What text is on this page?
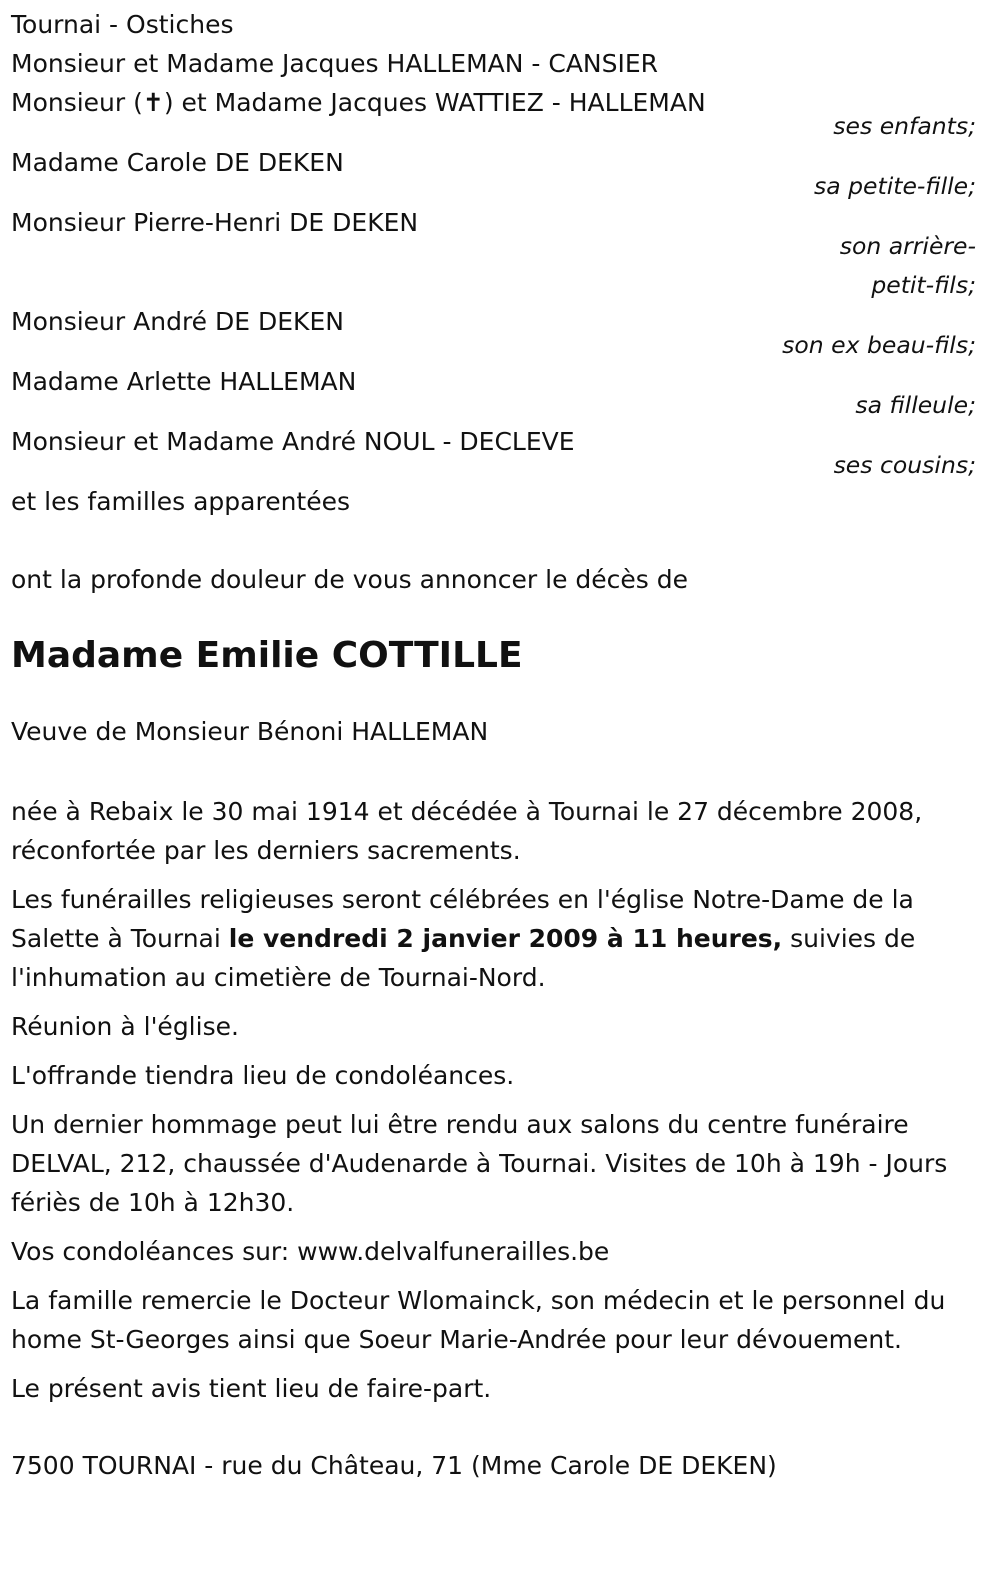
Tournai - Ostiches
Monsieur et Madame Jacques HALLEMAN - CANSIER
Monsieur (✝) et Madame Jacques WATTIEZ - HALLEMAN
ses enfants;
Madame Carole DE DEKEN
sa petite-fille;
Monsieur Pierre-Henri DE DEKEN
son arrière-
petit-fils;
Monsieur André DE DEKEN
son ex beau-fils;
Madame Arlette HALLEMAN
sa filleule;
Monsieur et Madame André NOUL - DECLEVE
ses cousins;
et les familles apparentées
ont la profonde douleur de vous annoncer le décès de
Madame Emilie COTTILLE
Veuve de Monsieur Bénoni HALLEMAN
née à Rebaix le 30 mai 1914 et décédée à Tournai le 27 décembre 2008, réconfortée par les derniers sacrements.
Les funérailles religieuses seront célébrées en l'église Notre-Dame de la Salette à Tournai le vendredi 2 janvier 2009 à 11 heures, suivies de l'inhumation au cimetière de Tournai-Nord.
Réunion à l'église.
L'offrande tiendra lieu de condoléances.
Un dernier hommage peut lui être rendu aux salons du centre funéraire DELVAL, 212, chaussée d'Audenarde à Tournai. Visites de 10h à 19h - Jours fériès de 10h à 12h30.
Vos condoléances sur: www.delvalfunerailles.be
La famille remercie le Docteur Wlomainck, son médecin et le personnel du home St-Georges ainsi que Soeur Marie-Andrée pour leur dévouement.
Le présent avis tient lieu de faire-part.
7500 TOURNAI - rue du Château, 71 (Mme Carole DE DEKEN)
